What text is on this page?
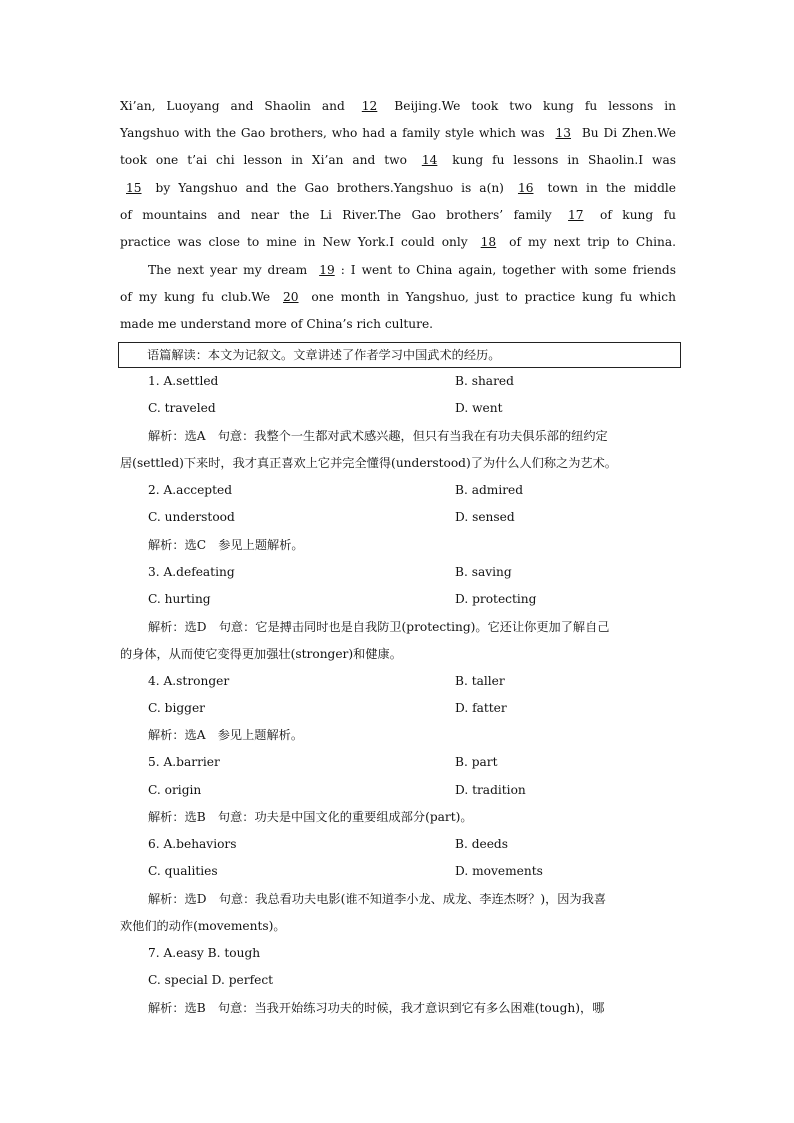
Xi’an, Luoyang and Shaolin and 12 Beijing.We took two kung fu lessons in
Yangshuo with the Gao brothers, who had a family style which was 13 Bu Di Zhen.We
took one t’ai chi lesson in Xi’an and two 14 kung fu lessons in Shaolin.I was
15 by Yangshuo and the Gao brothers.Yangshuo is a(n) 16 town in the middle
of mountains and near the Li River.The Gao brothers’ family 17 of kung fu
practice was close to mine in New York.I could only 18 of my next trip to China.
The next year my dream 19 : I went to China again, together with some friends
of my kung fu club.We 20 one month in Yangshuo, just to practice kung fu which
made me understand more of China’s rich culture.
语篇解读：本文为记叙文。文章讲述了作者学习中国武术的经历。
1. A.settled	B. shared
C. traveled	D. went
解析：选A　句意：我整个一生都对武术感兴趣，但只有当我在有功夫俱乐部的纽约定
居(settled)下来时，我才真正喜欢上它并完全懂得(understood)了为什么人们称之为艺术。
2. A.accepted	B. admired
C. understood	D. sensed
解析：选C　参见上题解析。
3. A.defeating	B. saving
C. hurting	D. protecting
解析：选D　句意：它是搏击同时也是自我防卫(protecting)。它还让你更加了解自己
的身体，从而使它变得更加强壮(stronger)和健康。
4. A.stronger	B. taller
C. bigger	D. fatter
解析：选A　参见上题解析。
5. A.barrier	B. part
C. origin	D. tradition
解析：选B　句意：功夫是中国文化的重要组成部分(part)。
6. A.behaviors	B. deeds
C. qualities	D. movements
解析：选D　句意：我总看功夫电影(谁不知道李小龙、成龙、李连杰呀？)，因为我喜
欢他们的动作(movements)。
7. A.easy B. tough
C. special D. perfect
解析：选B　句意：当我开始练习功夫的时候，我才意识到它有多么困难(tough)，哪
